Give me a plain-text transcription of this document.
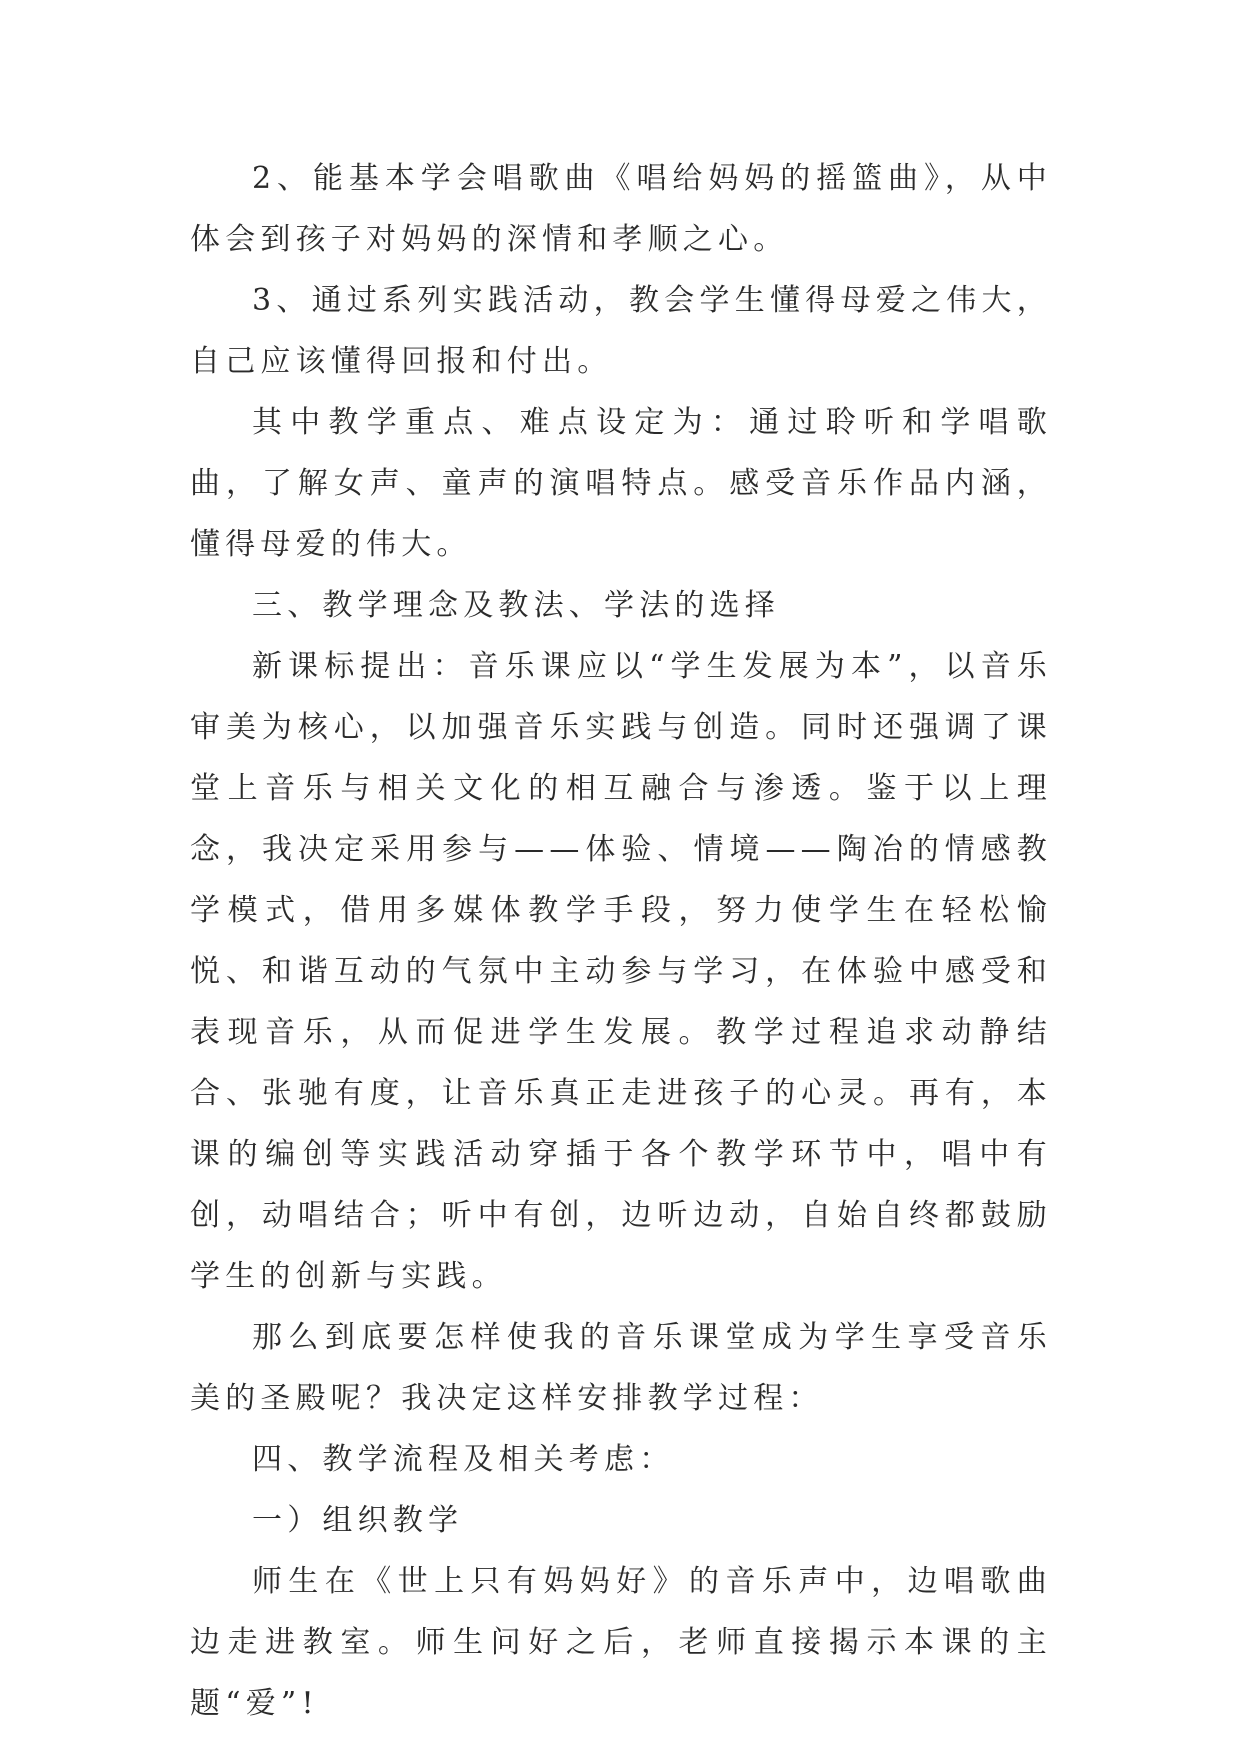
2、能基本学会唱歌曲《唱给妈妈的摇篮曲》，从中体会到孩子对妈妈的深情和孝顺之心。

3、通过系列实践活动，教会学生懂得母爱之伟大，自己应该懂得回报和付出。

其中教学重点、难点设定为：通过聆听和学唱歌曲，了解女声、童声的演唱特点。感受音乐作品内涵，懂得母爱的伟大。

三、教学理念及教法、学法的选择

新课标提出：音乐课应以“学生发展为本”，以音乐审美为核心，以加强音乐实践与创造。同时还强调了课堂上音乐与相关文化的相互融合与渗透。鉴于以上理念，我决定采用参与——体验、情境——陶冶的情感教学模式，借用多媒体教学手段，努力使学生在轻松愉悦、和谐互动的气氛中主动参与学习，在体验中感受和表现音乐，从而促进学生发展。教学过程追求动静结合、张驰有度，让音乐真正走进孩子的心灵。再有，本课的编创等实践活动穿插于各个教学环节中，唱中有创，动唱结合；听中有创，边听边动，自始自终都鼓励学生的创新与实践。

那么到底要怎样使我的音乐课堂成为学生享受音乐美的圣殿呢？我决定这样安排教学过程：

四、教学流程及相关考虑：

一）组织教学

师生在《世上只有妈妈好》的音乐声中，边唱歌曲边走进教室。师生问好之后，老师直接揭示本课的主题“爱”!
